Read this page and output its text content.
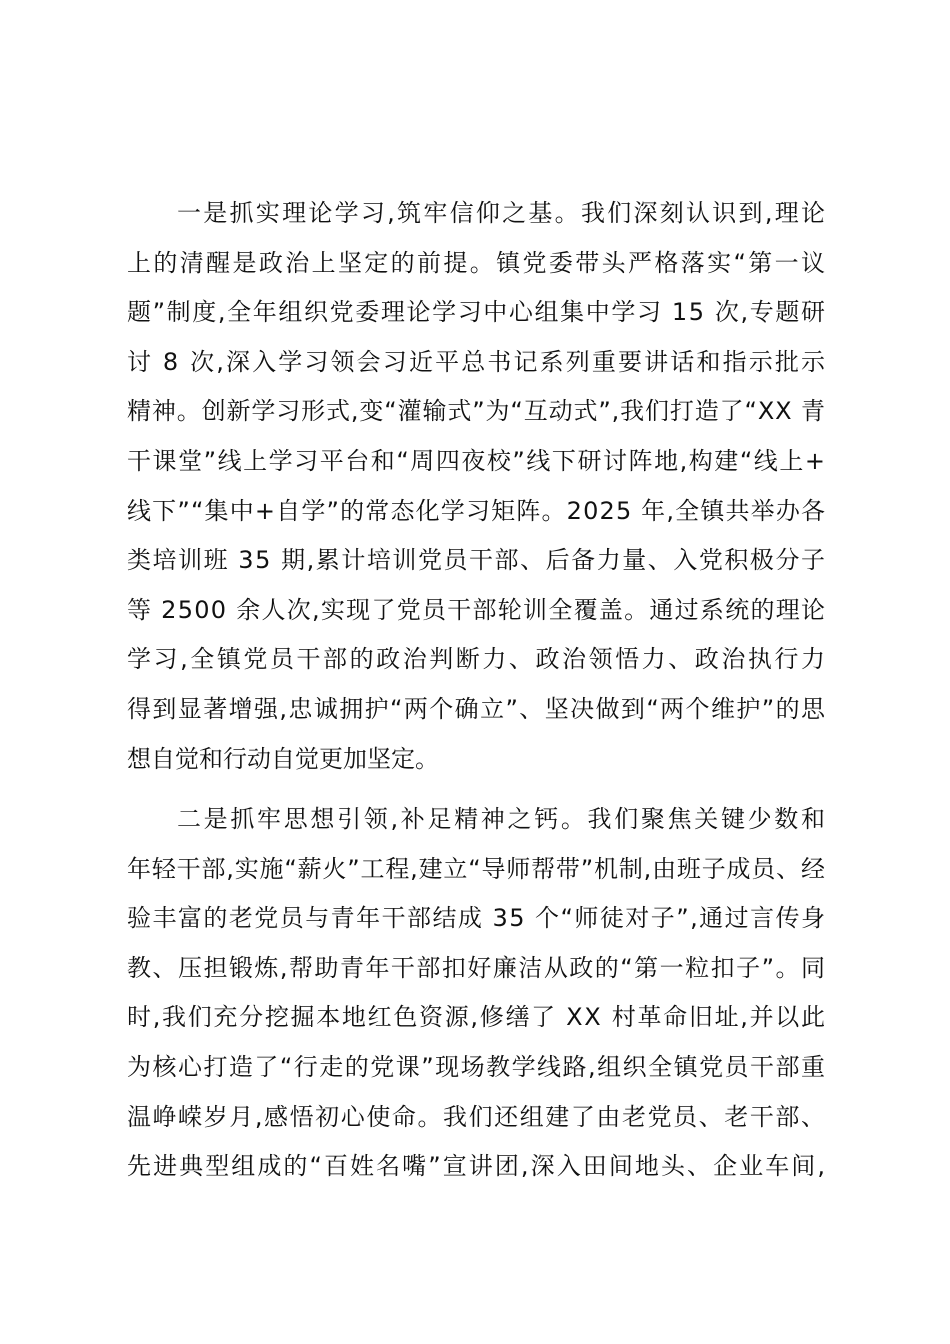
一是抓实理论学习,筑牢信仰之基。我们深刻认识到,理论
上的清醒是政治上坚定的前提。镇党委带头严格落实“第一议
题”制度,全年组织党委理论学习中心组集中学习 15 次,专题研
讨 8 次,深入学习领会习近平总书记系列重要讲话和指示批示
精神。创新学习形式,变“灌输式”为“互动式”,我们打造了“XX 青
干课堂”线上学习平台和“周四夜校”线下研讨阵地,构建“线上+
线下”“集中+自学”的常态化学习矩阵。2025 年,全镇共举办各
类培训班 35 期,累计培训党员干部、后备力量、入党积极分子
等 2500 余人次,实现了党员干部轮训全覆盖。通过系统的理论
学习,全镇党员干部的政治判断力、政治领悟力、政治执行力
得到显著增强,忠诚拥护“两个确立”、坚决做到“两个维护”的思
想自觉和行动自觉更加坚定。
二是抓牢思想引领,补足精神之钙。我们聚焦关键少数和
年轻干部,实施“薪火”工程,建立“导师帮带”机制,由班子成员、经
验丰富的老党员与青年干部结成 35 个“师徒对子”,通过言传身
教、压担锻炼,帮助青年干部扣好廉洁从政的“第一粒扣子”。同
时,我们充分挖掘本地红色资源,修缮了 XX 村革命旧址,并以此
为核心打造了“行走的党课”现场教学线路,组织全镇党员干部重
温峥嵘岁月,感悟初心使命。我们还组建了由老党员、老干部、
先进典型组成的“百姓名嘴”宣讲团,深入田间地头、企业车间,
